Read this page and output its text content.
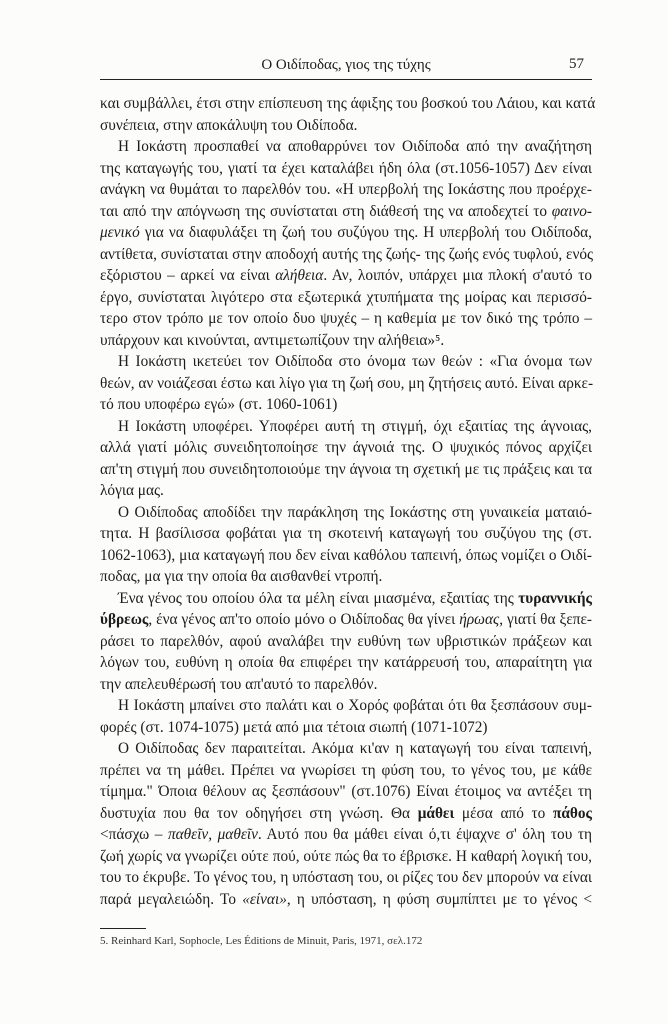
Ο Οιδίποδας, γιος της τύχης	57
και συμβάλλει, έτσι στην επίσπευση της άφιξης του βοσκού του Λάιου, και κατά
συνέπεια, στην αποκάλυψη του Οιδίποδα.
Η Ιοκάστη προσπαθεί να αποθαρρύνει τον Οιδίποδα από την αναζήτηση
της καταγωγής του, γιατί τα έχει καταλάβει ήδη όλα (στ.1056-1057) Δεν είναι
ανάγκη να θυμάται το παρελθόν του. «Η υπερβολή της Ιοκάστης που προέρχε-
ται από την απόγνωση της συνίσταται στη διάθεσή της να αποδεχτεί το φαινο-
μενικό για να διαφυλάξει τη ζωή του συζύγου της. Η υπερβολή του Οιδίποδα,
αντίθετα, συνίσταται στην αποδοχή αυτής της ζωής- της ζωής ενός τυφλού, ενός
εξόριστου – αρκεί να είναι αλήθεια. Αν, λοιπόν, υπάρχει μια πλοκή σ'αυτό το
έργο, συνίσταται λιγότερο στα εξωτερικά χτυπήματα της μοίρας και περισσό-
τερο στον τρόπο με τον οποίο δυο ψυχές – η καθεμία με τον δικό της τρόπο –
υπάρχουν και κινούνται, αντιμετωπίζουν την αλήθεια»⁵.
Η Ιοκάστη ικετεύει τον Οιδίποδα στο όνομα των θεών : «Για όνομα των
θεών, αν νοιάζεσαι έστω και λίγο για τη ζωή σου, μη ζητήσεις αυτό. Είναι αρκε-
τό που υποφέρω εγώ» (στ. 1060-1061)
Η Ιοκάστη υποφέρει. Υποφέρει αυτή τη στιγμή, όχι εξαιτίας της άγνοιας,
αλλά γιατί μόλις συνειδητοποίησε την άγνοιά της. Ο ψυχικός πόνος αρχίζει
απ'τη στιγμή που συνειδητοποιούμε την άγνοια τη σχετική με τις πράξεις και τα
λόγια μας.
Ο Οιδίποδας αποδίδει την παράκληση της Ιοκάστης στη γυναικεία ματαιό-
τητα. Η βασίλισσα φοβάται για τη σκοτεινή καταγωγή του συζύγου της (στ.
1062-1063), μια καταγωγή που δεν είναι καθόλου ταπεινή, όπως νομίζει ο Οιδί-
ποδας, μα για την οποία θα αισθανθεί ντροπή.
Ένα γένος του οποίου όλα τα μέλη είναι μιασμένα, εξαιτίας της τυραννικής
ύβρεως, ένα γένος απ'το οποίο μόνο ο Οιδίποδας θα γίνει ήρωας, γιατί θα ξεπε-
ράσει το παρελθόν, αφού αναλάβει την ευθύνη των υβριστικών πράξεων και
λόγων του, ευθύνη η οποία θα επιφέρει την κατάρρευσή του, απαραίτητη για
την απελευθέρωσή του απ'αυτό το παρελθόν.
Η Ιοκάστη μπαίνει στο παλάτι και ο Χορός φοβάται ότι θα ξεσπάσουν συμ-
φορές (στ. 1074-1075) μετά από μια τέτοια σιωπή (1071-1072)
Ο Οιδίποδας δεν παραιτείται. Ακόμα κι'αν η καταγωγή του είναι ταπεινή,
πρέπει να τη μάθει. Πρέπει να γνωρίσει τη φύση του, το γένος του, με κάθε
τίμημα." Όποια θέλουν ας ξεσπάσουν" (στ.1076) Είναι έτοιμος να αντέξει τη
δυστυχία που θα τον οδηγήσει στη γνώση. Θα μάθει μέσα από το πάθος
<πάσχω – παθεῖν, μαθεῖν. Αυτό που θα μάθει είναι ό,τι έψαχνε σ' όλη του τη
ζωή χωρίς να γνωρίζει ούτε πού, ούτε πώς θα το έβρισκε. Η καθαρή λογική του,
του το έκρυβε. Το γένος του, η υπόσταση του, οι ρίζες του δεν μπορούν να είναι
παρά μεγαλειώδη. Το «είναι», η υπόσταση, η φύση συμπίπτει με το γένος <
5. Reinhard Karl, Sophocle, Les Éditions de Minuit, Paris, 1971, σελ.172
